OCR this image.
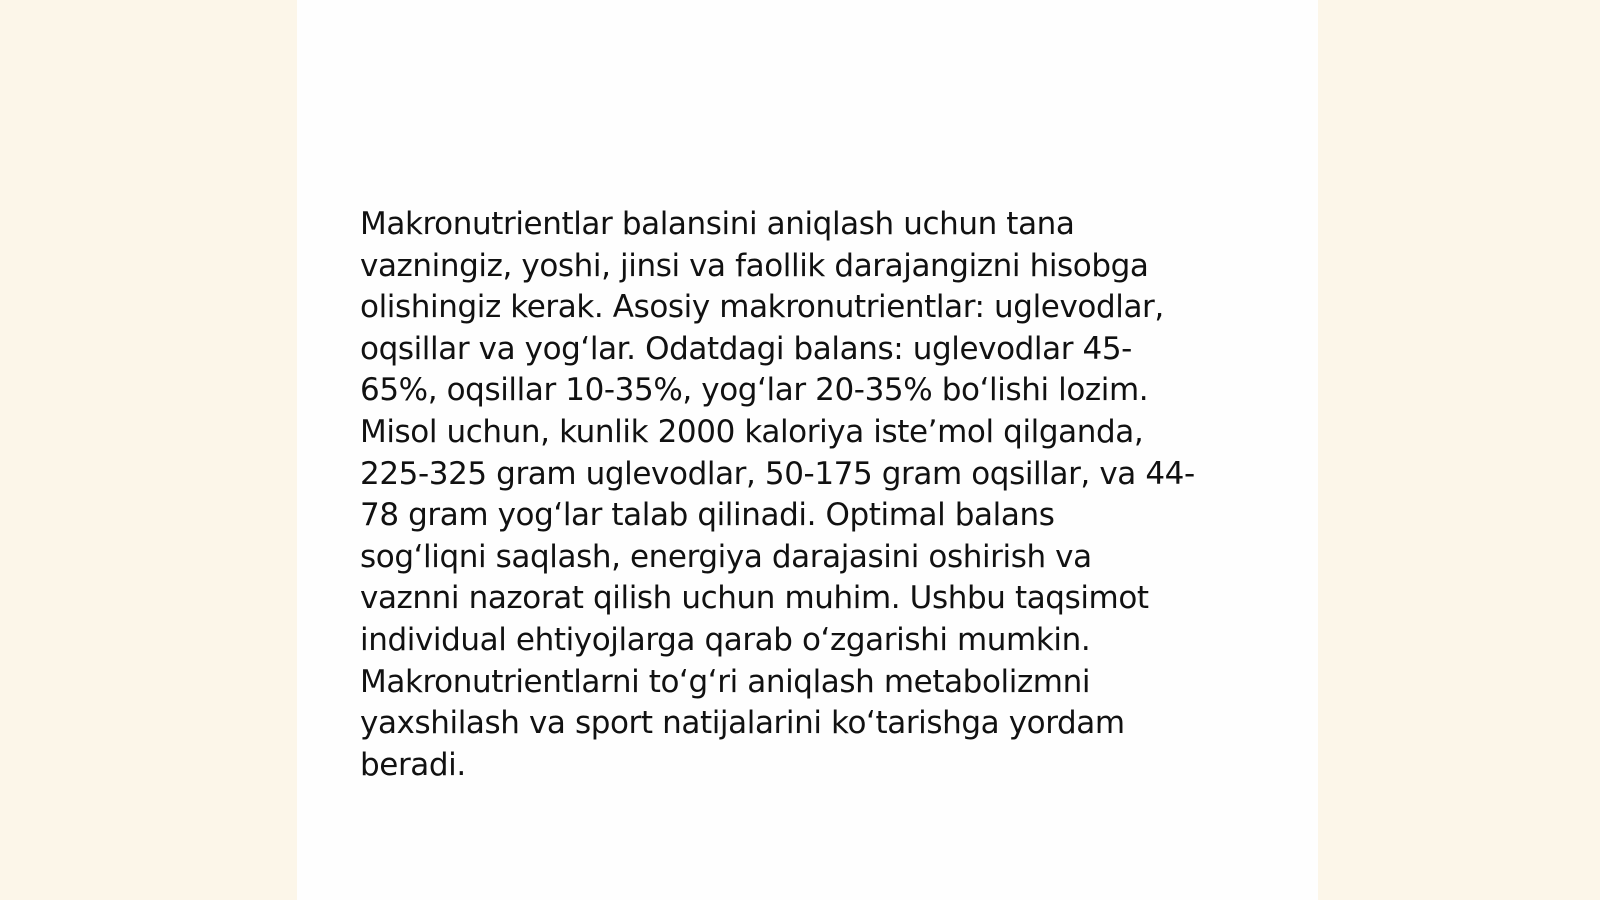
Makronutrientlar balansini aniqlash uchun tana
vazningiz, yoshi, jinsi va faollik darajangizni hisobga
olishingiz kerak. Asosiy makronutrientlar: uglevodlar,
oqsillar va yog‘lar. Odatdagi balans: uglevodlar 45-
65%, oqsillar 10-35%, yog‘lar 20-35% bo‘lishi lozim.
Misol uchun, kunlik 2000 kaloriya iste’mol qilganda,
225-325 gram uglevodlar, 50-175 gram oqsillar, va 44-
78 gram yog‘lar talab qilinadi. Optimal balans
sog‘liqni saqlash, energiya darajasini oshirish va
vaznni nazorat qilish uchun muhim. Ushbu taqsimot
individual ehtiyojlarga qarab o‘zgarishi mumkin.
Makronutrientlarni to‘g‘ri aniqlash metabolizmni
yaxshilash va sport natijalarini ko‘tarishga yordam
beradi.
